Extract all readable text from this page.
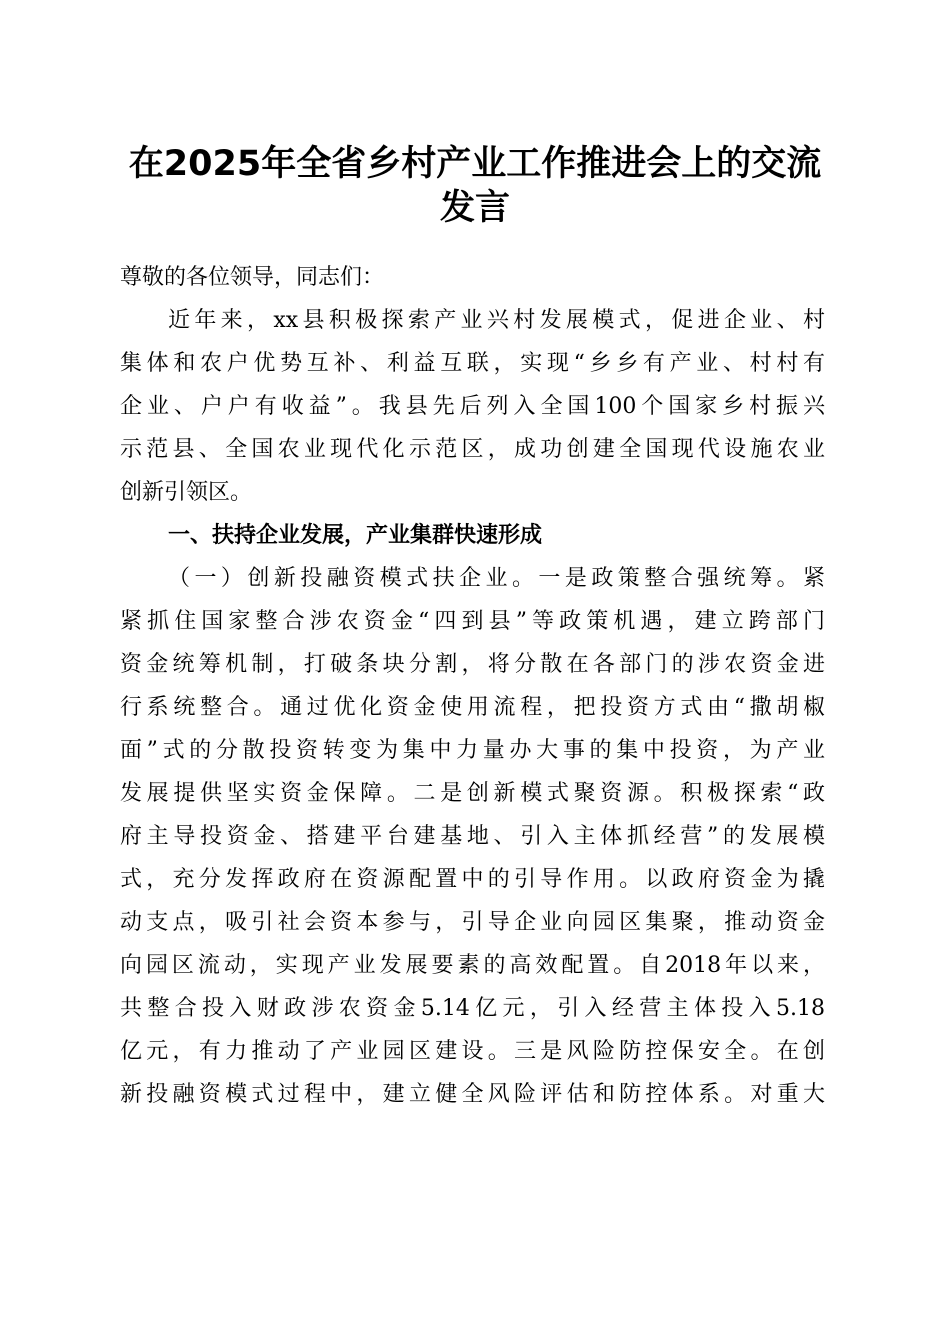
在2025年全省乡村产业工作推进会上的交流
发言
尊敬的各位领导，同志们：
近年来，xx县积极探索产业兴村发展模式，促进企业、村
集体和农户优势互补、利益互联，实现“乡乡有产业、村村有
企业、户户有收益”。我县先后列入全国100个国家乡村振兴
示范县、全国农业现代化示范区，成功创建全国现代设施农业
创新引领区。
一、扶持企业发展，产业集群快速形成
（一）创新投融资模式扶企业。一是政策整合强统筹。紧
紧抓住国家整合涉农资金“四到县”等政策机遇，建立跨部门
资金统筹机制，打破条块分割，将分散在各部门的涉农资金进
行系统整合。通过优化资金使用流程，把投资方式由“撒胡椒
面”式的分散投资转变为集中力量办大事的集中投资，为产业
发展提供坚实资金保障。二是创新模式聚资源。积极探索“政
府主导投资金、搭建平台建基地、引入主体抓经营”的发展模
式，充分发挥政府在资源配置中的引导作用。以政府资金为撬
动支点，吸引社会资本参与，引导企业向园区集聚，推动资金
向园区流动，实现产业发展要素的高效配置。自2018年以来，
共整合投入财政涉农资金5.14亿元，引入经营主体投入5.18
亿元，有力推动了产业园区建设。三是风险防控保安全。在创
新投融资模式过程中，建立健全风险评估和防控体系。对重大
